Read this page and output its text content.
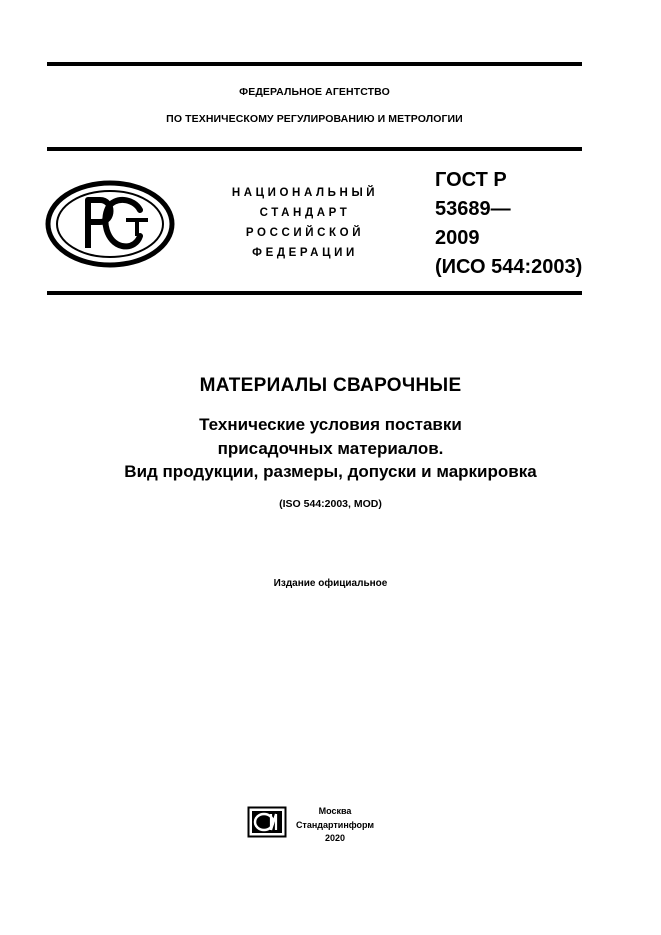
ФЕДЕРАЛЬНОЕ АГЕНТСТВО
ПО ТЕХНИЧЕСКОМУ РЕГУЛИРОВАНИЮ И МЕТРОЛОГИИ
НАЦИОНАЛЬНЫЙ
СТАНДАРТ
РОССИЙСКОЙ
ФЕДЕРАЦИИ
ГОСТ Р
53689—
2009
(ИСО 544:2003)
МАТЕРИАЛЫ СВАРОЧНЫЕ
Технические условия поставки
присадочных материалов.
Вид продукции, размеры, допуски и маркировка
(ISO 544:2003, MOD)
Издание официальное
Москва
Стандартинформ
2020
